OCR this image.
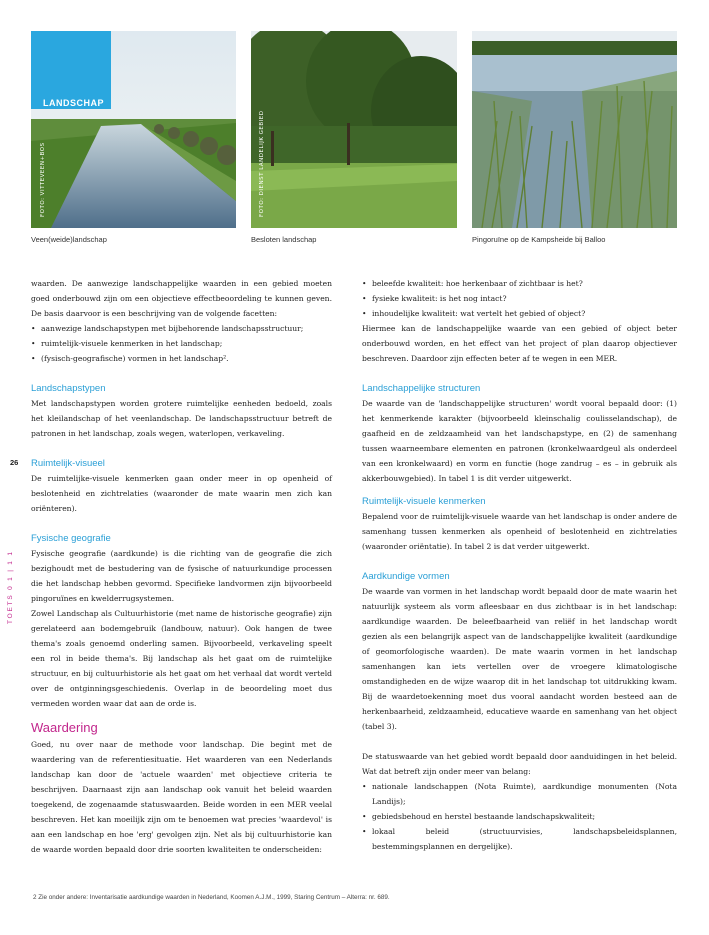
LANDSCHAP
FOTO: VITTEVEEN+BOS
Veen(weide)landschap
FOTO: DIENST LANDELIJK GEBIED
Besloten landschap	Pingoruïne op de Kampsheide bij Balloo
26
TOETS 0 1 | 1 1

waarden. De aanwezige landschappelijke waarden in een gebied moeten goed onderbouwd zijn om een objectieve effectbeoordeling te kunnen geven. De basis daarvoor is een beschrijving van de volgende facetten:

• aanwezige landschapstypen met bijbehorende landschapsstructuur;
• ruimtelijk-visuele kenmerken in het landschap;
• (fysisch-geografische) vormen in het landschap².
Landschapstypen

Met landschapstypen worden grotere ruimtelijke eenheden bedoeld, zoals het kleilandschap of het veenlandschap. De landschapsstructuur betreft de patronen in het landschap, zoals wegen, waterlopen, verkaveling.

Ruimtelijk-visueel

De ruimtelijke-visuele kenmerken gaan onder meer in op openheid of beslotenheid en zichtrelaties (waaronder de mate waarin men zich kan oriënteren).

Fysische geografie

Fysische geografie (aardkunde) is die richting van de geografie die zich bezighoudt met de bestudering van de fysische of natuurkundige processen die het landschap hebben gevormd. Specifieke landvormen zijn bijvoorbeeld pingoruïnes en kwelderrugsystemen.

Zowel Landschap als Cultuurhistorie (met name de historische geografie) zijn gerelateerd aan bodemgebruik (landbouw, natuur). Ook hangen de twee thema's zoals genoemd onderling samen. Bijvoorbeeld, verkaveling speelt een rol in beide thema's. Bij landschap als het gaat om de ruimtelijke structuur, en bij cultuurhistorie als het gaat om het verhaal dat wordt verteld over de ontginningsgeschiedenis. Overlap in de beoordeling moet dus vermeden worden waar dat aan de orde is.

Waardering

Goed, nu over naar de methode voor landschap. Die begint met de waardering van de referentiesituatie. Het waarderen van een Nederlands landschap kan door de 'actuele waarden' met objectieve criteria te beschrijven. Daarnaast zijn aan landschap ook vanuit het beleid waarden toegekend, de zogenaamde statuswaarden. Beide worden in een MER veelal beschreven. Het kan moeilijk zijn om te benoemen wat precies 'waardevol' is aan een landschap en hoe 'erg' gevolgen zijn. Net als bij cultuurhistorie kan de waarde worden bepaald door drie soorten kwaliteiten te onderscheiden:

• beleefde kwaliteit: hoe herkenbaar of zichtbaar is het?
• fysieke kwaliteit: is het nog intact?
• inhoudelijke kwaliteit: wat vertelt het gebied of object?

Hiermee kan de landschappelijke waarde van een gebied of object beter onderbouwd worden, en het effect van het project of plan daarop objectiever beschreven. Daardoor zijn effecten beter af te wegen in een MER.

Landschappelijke structuren

De waarde van de 'landschappelijke structuren' wordt vooral bepaald door: (1) het kenmerkende karakter (bijvoorbeeld kleinschalig coulisselandschap), de gaafheid en de zeldzaamheid van het landschapstype, en (2) de samenhang tussen waarneembare elementen en patronen (kronkelwaardgeul als onderdeel van een kronkelwaard) en vorm en functie (hoge zandrug – es – in gebruik als akkerbouwgebied). In tabel 1 is dit verder uitgewerkt.

Ruimtelijk-visuele kenmerken

Bepalend voor de ruimtelijk-visuele waarde van het landschap is onder andere de samenhang tussen kenmerken als openheid of beslotenheid en zichtrelaties (waaronder oriëntatie). In tabel 2 is dat verder uitgewerkt.

Aardkundige vormen

De waarde van vormen in het landschap wordt bepaald door de mate waarin het natuurlijk systeem als vorm afleesbaar en dus zichtbaar is in het landschap: aardkundige waarden. De beleefbaarheid van reliëf in het landschap wordt gezien als een belangrijk aspect van de landschappelijke kwaliteit (aardkundige of geomorfologische waarden). De mate waarin vormen in het landschap samenhangen kan iets vertellen over de vroegere klimatologische omstandigheden en de wijze waarop dit in het landschap tot uitdrukking kwam. Bij de waardetoekenning moet dus vooral aandacht worden besteed aan de herkenbaarheid, zeldzaamheid, educatieve waarde en samenhang van het object (tabel 3).

De statuswaarde van het gebied wordt bepaald door aanduidingen in het beleid. Wat dat betreft zijn onder meer van belang:

• nationale landschappen (Nota Ruimte), aardkundige monumenten (Nota Landijs);
• gebiedsbehoud en herstel bestaande landschapskwaliteit;
• lokaal beleid (structuurvisies, landschapsbeleidsplannen, bestemmingsplannen en dergelijke).
2 Zie onder andere: Inventarisatie aardkundige waarden in Nederland, Koomen A.J.M., 1999, Staring Centrum – Alterra: nr. 689.
